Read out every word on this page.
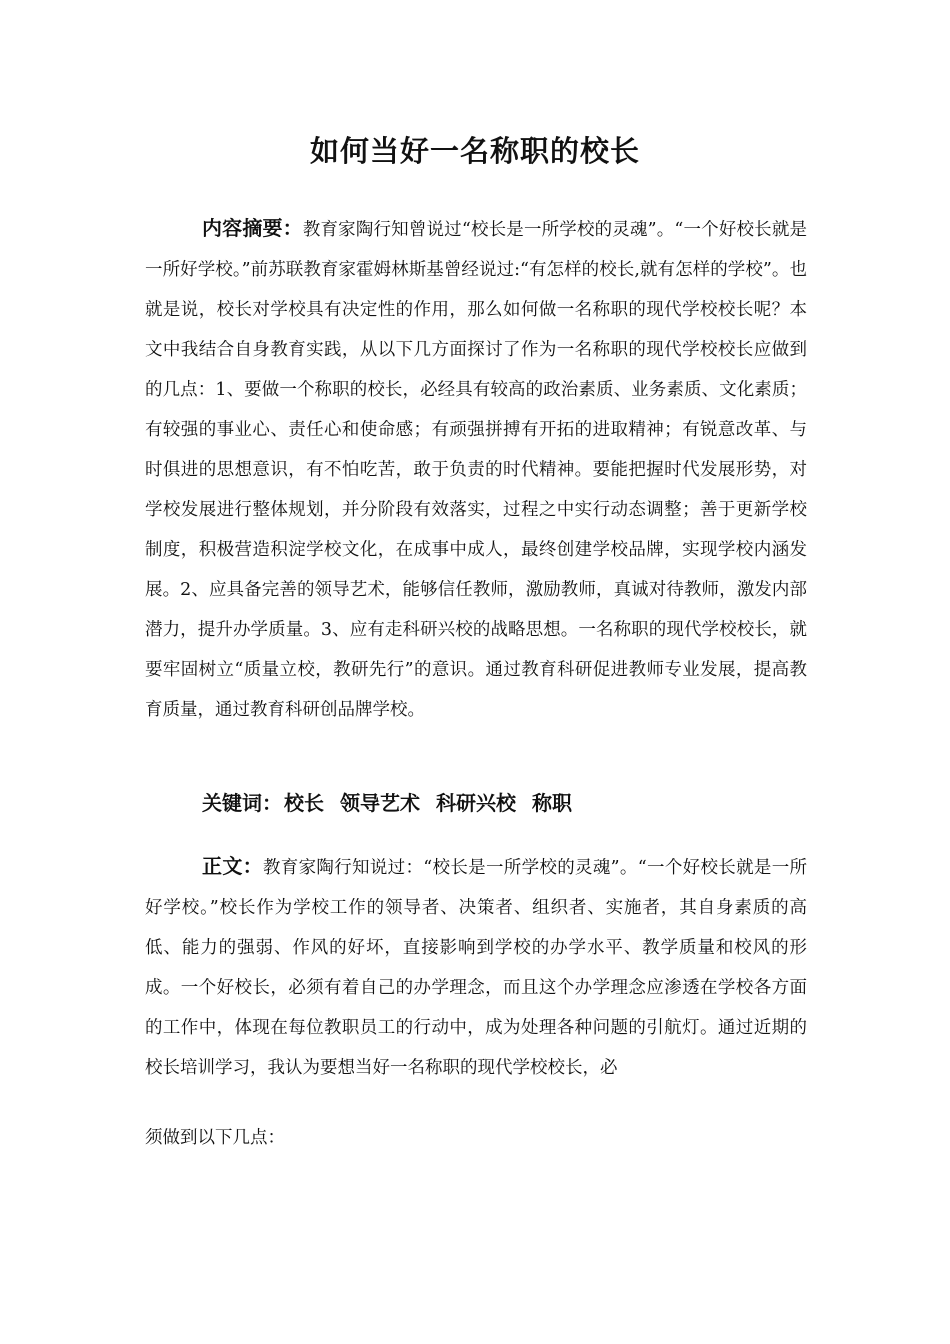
如何当好一名称职的校长

内容摘要：教育家陶行知曾说过“校长是一所学校的灵魂”。“一个好校长就是一所好学校。”前苏联教育家霍姆林斯基曾经说过:“有怎样的校长,就有怎样的学校”。也就是说，校长对学校具有决定性的作用，那么如何做一名称职的现代学校校长呢？本文中我结合自身教育实践，从以下几方面探讨了作为一名称职的现代学校校长应做到的几点：1、要做一个称职的校长，必经具有较高的政治素质、业务素质、文化素质；有较强的事业心、责任心和使命感；有顽强拼搏有开拓的进取精神；有锐意改革、与时俱进的思想意识，有不怕吃苦，敢于负责的时代精神。要能把握时代发展形势，对学校发展进行整体规划，并分阶段有效落实，过程之中实行动态调整；善于更新学校制度，积极营造积淀学校文化，在成事中成人，最终创建学校品牌，实现学校内涵发展。2、应具备完善的领导艺术，能够信任教师，激励教师，真诚对待教师，激发内部潜力，提升办学质量。3、应有走科研兴校的战略思想。一名称职的现代学校校长，就要牢固树立“质量立校，教研先行”的意识。通过教育科研促进教师专业发展，提高教育质量，通过教育科研创品牌学校。

关键词： 校长 领导艺术 科研兴校 称职

正文：教育家陶行知说过：“校长是一所学校的灵魂”。“一个好校长就是一所好学校。”校长作为学校工作的领导者、决策者、组织者、实施者，其自身素质的高低、能力的强弱、作风的好坏，直接影响到学校的办学水平、教学质量和校风的形成。一个好校长，必须有着自己的办学理念，而且这个办学理念应渗透在学校各方面的工作中，体现在每位教职员工的行动中，成为处理各种问题的引航灯。通过近期的校长培训学习，我认为要想当好一名称职的现代学校校长，必

须做到以下几点：
